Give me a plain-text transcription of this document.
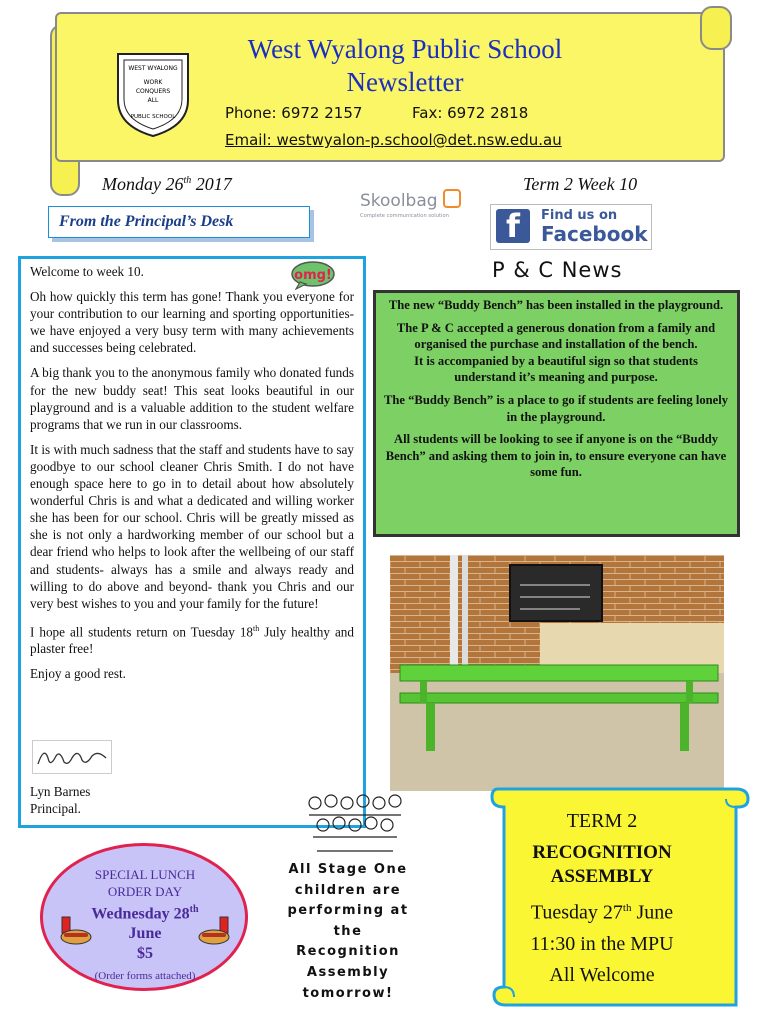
WEST WYALONG
WORK
CONQUERS
ALL
PUBLIC SCHOOL
West Wyalong Public School Newsletter
Phone: 6972 2157	Fax: 6972 2818
Email: westwyalon-p.school@det.nsw.edu.au
Monday 26th 2017	Term 2 Week 10
Skoolbag
Complete communication solution f Find us on
Facebook
From the Principal’s Desk

Welcome to week 10.

Oh how quickly this term has gone! Thank you everyone for your contribution to our learning and sporting opportunities- we have enjoyed a very busy term with many achievements and successes being celebrated.

A big thank you to the anonymous family who donated funds for the new buddy seat! This seat looks beautiful in our playground and is a valuable addition to the student welfare programs that we run in our classrooms.

It is with much sadness that the staff and students have to say goodbye to our school cleaner Chris Smith. I do not have enough space here to go in to detail about how absolutely wonderful Chris is and what a dedicated and willing worker she has been for our school. Chris will be greatly missed as she is not only a hardworking member of our school but a dear friend who helps to look after the wellbeing of our staff and students- always has a smile and always ready and willing to do above and beyond- thank you Chris and our very best wishes to you and your family for the future!

I hope all students return on Tuesday 18th July healthy and plaster free!

Enjoy a good rest.

omg!
Lyn Barnes
Principal.
P & C News

The new “Buddy Bench” has been installed in the playground.

The P & C accepted a generous donation from a family and organised the purchase and installation of the bench.

It is accompanied by a beautiful sign so that students understand it’s meaning and purpose.

The “Buddy Bench” is a place to go if students are feeling lonely in the playground.

All students will be looking to see if anyone is on the “Buddy Bench” and asking them to join in, to ensure everyone can have some fun.

SPECIAL LUNCH
ORDER DAY
Wednesday 28th
June
$5
(Order forms attached)
All Stage One children are performing at the Recognition Assembly tomorrow!
TERM 2
RECOGNITION ASSEMBLY
Tuesday 27th June
11:30 in the MPU
All Welcome
